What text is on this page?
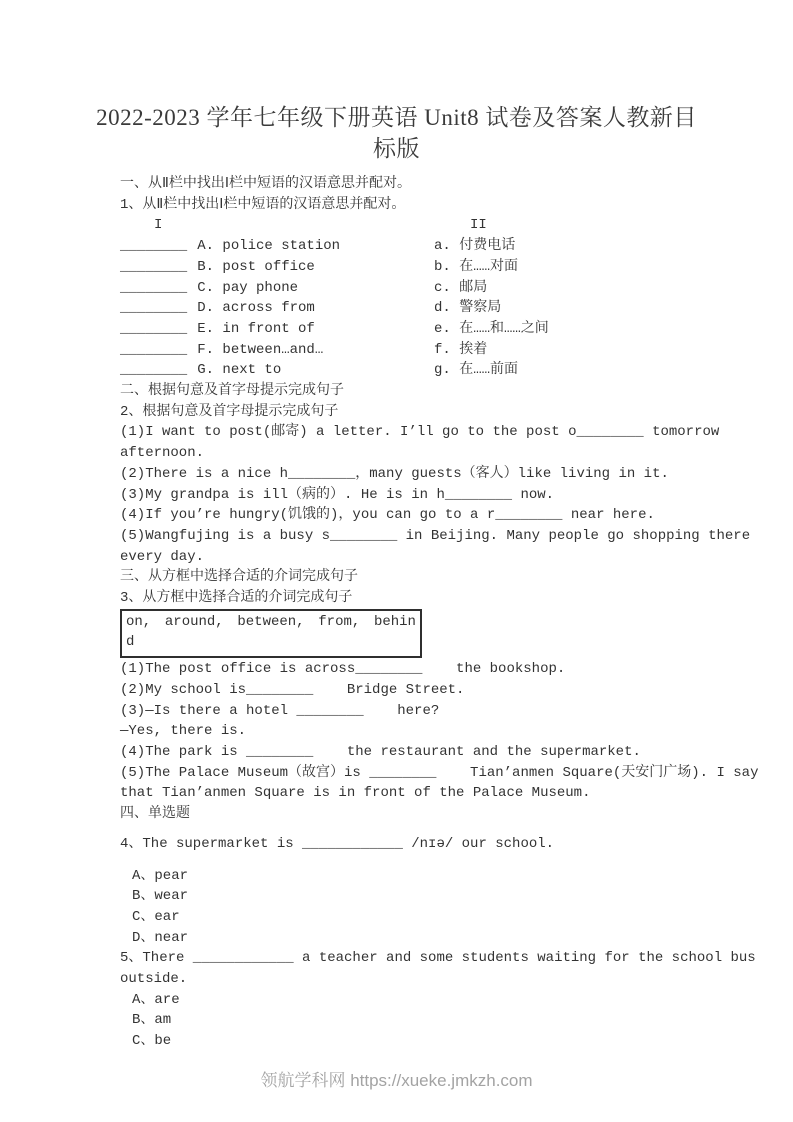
2022-2023 学年七年级下册英语 Unit8 试卷及答案人教新目
标版
一、从Ⅱ栏中找出Ⅰ栏中短语的汉语意思并配对。
1、从Ⅱ栏中找出Ⅰ栏中短语的汉语意思并配对。
I	II
________ A. police station	a. 付费电话
________ B. post office	b. 在……对面
________ C. pay phone	c. 邮局
________ D. across from	d. 警察局
________ E. in front of	e. 在……和……之间
________ F. between…and…	f. 挨着
________ G. next to	g. 在……前面
二、根据句意及首字母提示完成句子
2、根据句意及首字母提示完成句子
(1)I want to post(邮寄) a letter. I’ll go to the post o________ tomorrow afternoon.
(2)There is a nice h________，many guests（客人）like living in it.
(3)My grandpa is ill（病的）. He is in h________ now.
(4)If you’re hungry(饥饿的)，you can go to a r________ near here.
(5)Wangfujing is a busy s________ in Beijing. Many people go shopping there every day.
三、从方框中选择合适的介词完成句子
3、从方框中选择合适的介词完成句子
on, around, between, from, behin
d
(1)The post office is across________    the bookshop.
(2)My school is________    Bridge Street.
(3)—Is there a hotel ________    here?
—Yes, there is.
(4)The park is ________    the restaurant and the supermarket.
(5)The Palace Museum（故宫）is ________    Tian’anmen Square(天安门广场). I say that Tian’anmen Square is in front of the Palace Museum.
四、单选题
4、The supermarket is ____________ /nɪə/ our school.
A、pear
B、wear
C、ear
D、near
5、There ____________ a teacher and some students waiting for the school bus outside.
A、are
B、am
C、be
领航学科网 https://xueke.jmkzh.com
